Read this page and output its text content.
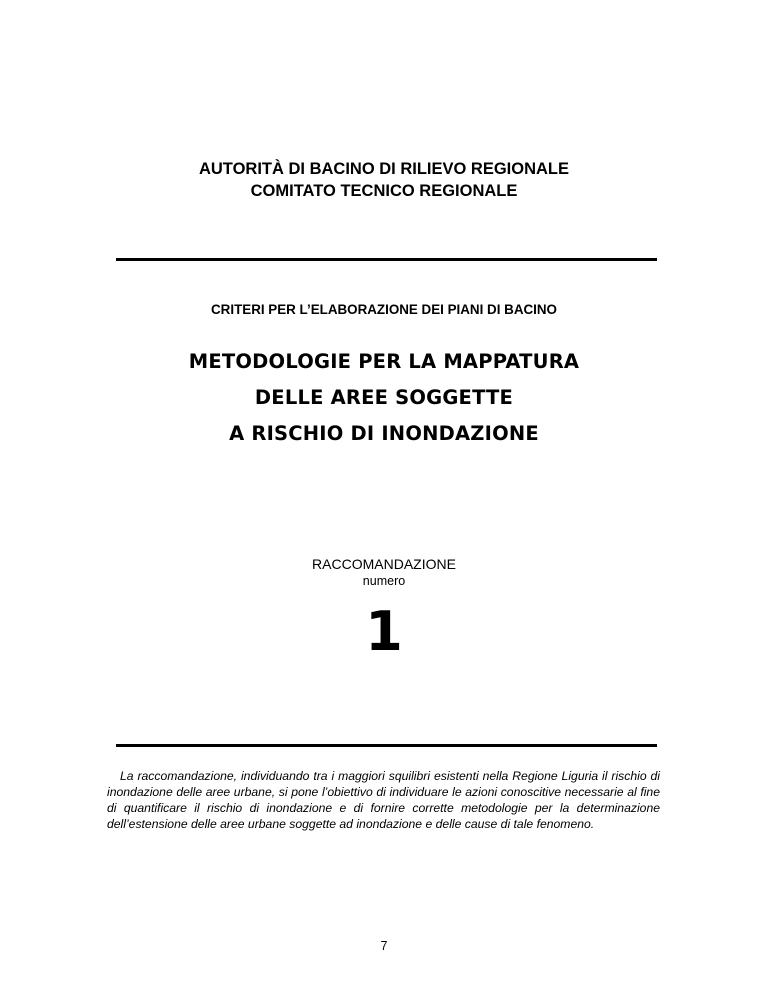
AUTORITÀ DI BACINO DI RILIEVO REGIONALE
COMITATO TECNICO REGIONALE
CRITERI PER L’ELABORAZIONE DEI PIANI DI BACINO
METODOLOGIE PER LA MAPPATURA
DELLE AREE SOGGETTE
A RISCHIO DI INONDAZIONE
RACCOMANDAZIONE
numero
1
La raccomandazione, individuando tra i maggiori squilibri esistenti nella Regione Liguria il rischio di inondazione delle aree urbane, si pone l’obiettivo di individuare le azioni conoscitive necessarie al fine di quantificare il rischio di inondazione e di fornire corrette metodologie per la determinazione dell’estensione delle aree urbane soggette ad inondazione e delle cause di tale fenomeno.
7
